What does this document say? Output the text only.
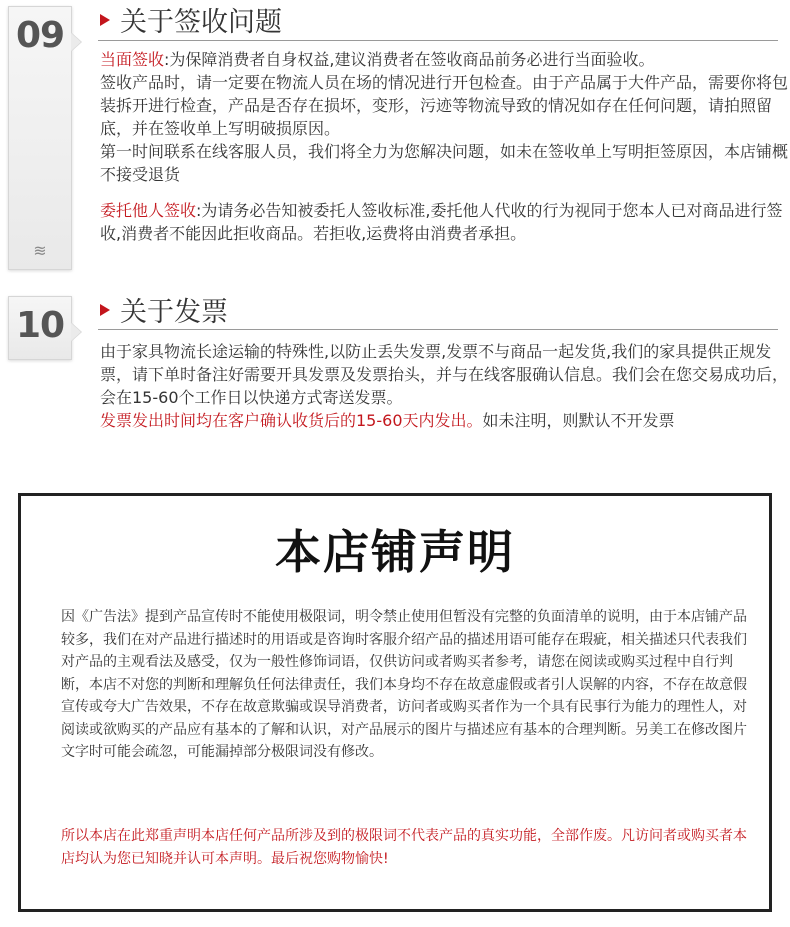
09
≋
关于签收问题

当面签收:为保障消费者自身权益,建议消费者在签收商品前务必进行当面验收。

签收产品时，请一定要在物流人员在场的情况进行开包检查。由于产品属于大件产品，需要你将包装拆开进行检查，产品是否存在损坏，变形，污迹等物流导致的情况如存在任何问题，请拍照留底，并在签收单上写明破损原因。

第一时间联系在线客服人员，我们将全力为您解决问题，如未在签收单上写明拒签原因，本店铺概不接受退货

委托他人签收:为请务必告知被委托人签收标准,委托他人代收的行为视同于您本人已对商品进行签收,消费者不能因此拒收商品。若拒收,运费将由消费者承担。

10 关于发票

由于家具物流长途运输的特殊性,以防止丢失发票,发票不与商品一起发货,我们的家具提供正规发票，请下单时备注好需要开具发票及发票抬头，并与在线客服确认信息。我们会在您交易成功后，会在15-60个工作日以快递方式寄送发票。

发票发出时间均在客户确认收货后的15-60天内发出。如未注明，则默认不开发票

本店铺声明
因《广告法》提到产品宣传时不能使用极限词，明令禁止使用但暂没有完整的负面清单的说明，由于本店铺产品较多，我们在对产品进行描述时的用语或是咨询时客服介绍产品的描述用语可能存在瑕疵，相关描述只代表我们对产品的主观看法及感受，仅为一般性修饰词语，仅供访问或者购买者参考，请您在阅读或购买过程中自行判断，本店不对您的判断和理解负任何法律责任，我们本身均不存在故意虚假或者引人误解的内容，不存在故意假宣传或夸大广告效果，不存在故意欺骗或误导消费者，访问者或购买者作为一个具有民事行为能力的理性人，对阅读或欲购买的产品应有基本的了解和认识，对产品展示的图片与描述应有基本的合理判断。另美工在修改图片文字时可能会疏忽，可能漏掉部分极限词没有修改。
所以本店在此郑重声明本店任何产品所涉及到的极限词不代表产品的真实功能，全部作废。凡访问者或购买者本店均认为您已知晓并认可本声明。最后祝您购物愉快!
